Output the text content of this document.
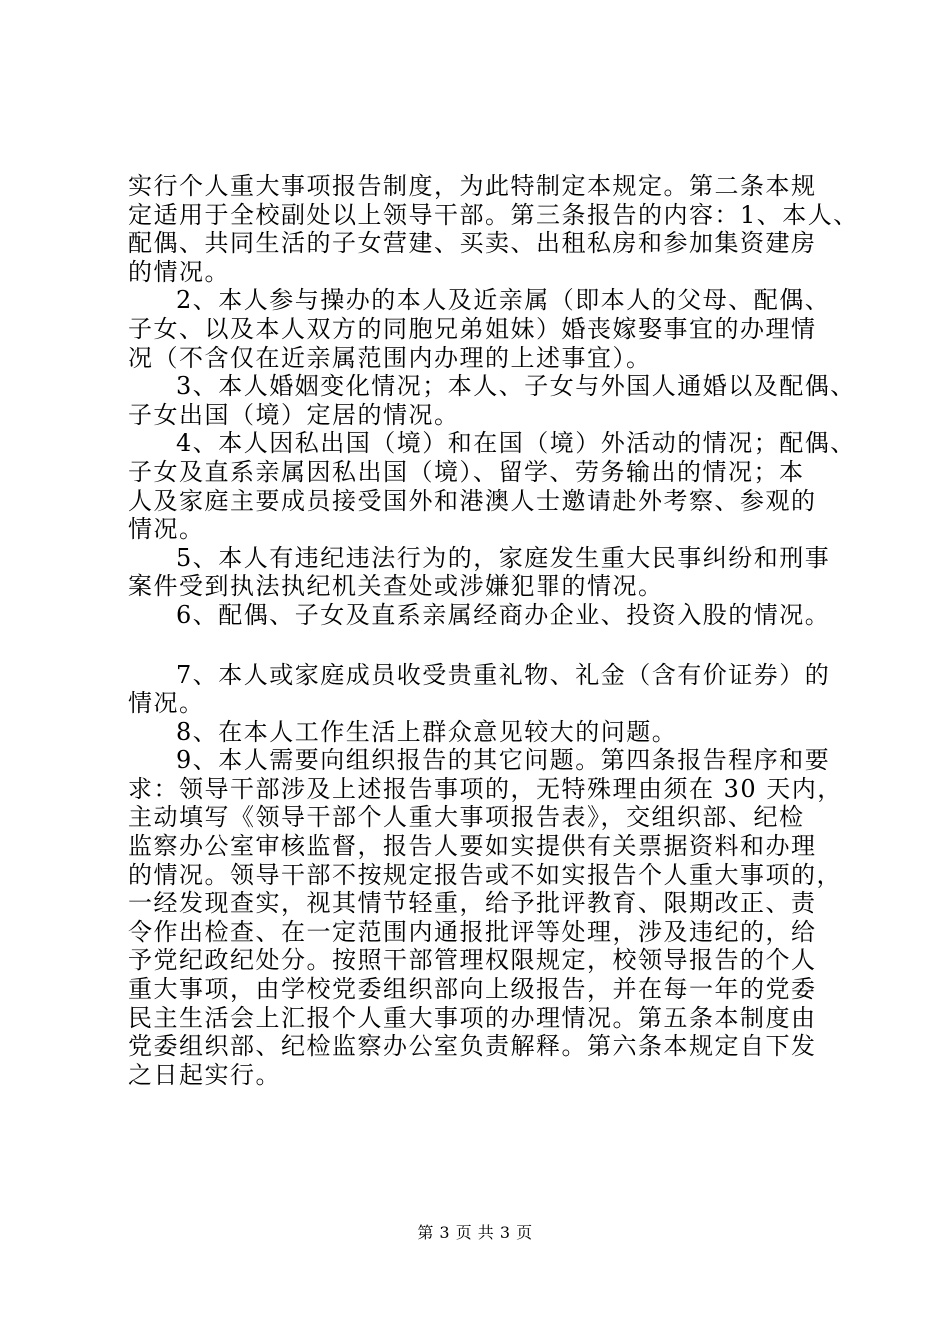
实行个人重大事项报告制度，为此特制定本规定。第二条本规
定适用于全校副处以上领导干部。第三条报告的内容：1、本人、
配偶、共同生活的子女营建、买卖、出租私房和参加集资建房
的情况。
2、本人参与操办的本人及近亲属（即本人的父母、配偶、
子女、以及本人双方的同胞兄弟姐妹）婚丧嫁娶事宜的办理情
况（不含仅在近亲属范围内办理的上述事宜）。
3、本人婚姻变化情况；本人、子女与外国人通婚以及配偶、
子女出国（境）定居的情况。
4、本人因私出国（境）和在国（境）外活动的情况；配偶、
子女及直系亲属因私出国（境）、留学、劳务输出的情况；本
人及家庭主要成员接受国外和港澳人士邀请赴外考察、参观的
情况。
5、本人有违纪违法行为的，家庭发生重大民事纠纷和刑事
案件受到执法执纪机关查处或涉嫌犯罪的情况。
6、配偶、子女及直系亲属经商办企业、投资入股的情况。
7、本人或家庭成员收受贵重礼物、礼金（含有价证券）的
情况。
8、在本人工作生活上群众意见较大的问题。
9、本人需要向组织报告的其它问题。第四条报告程序和要
求：领导干部涉及上述报告事项的，无特殊理由须在 30 天内，
主动填写《领导干部个人重大事项报告表》，交组织部、纪检
监察办公室审核监督，报告人要如实提供有关票据资料和办理
的情况。领导干部不按规定报告或不如实报告个人重大事项的，
一经发现查实，视其情节轻重，给予批评教育、限期改正、责
令作出检查、在一定范围内通报批评等处理，涉及违纪的，给
予党纪政纪处分。按照干部管理权限规定，校领导报告的个人
重大事项，由学校党委组织部向上级报告，并在每一年的党委
民主生活会上汇报个人重大事项的办理情况。第五条本制度由
党委组织部、纪检监察办公室负责解释。第六条本规定自下发
之日起实行。
第 3 页 共 3 页
